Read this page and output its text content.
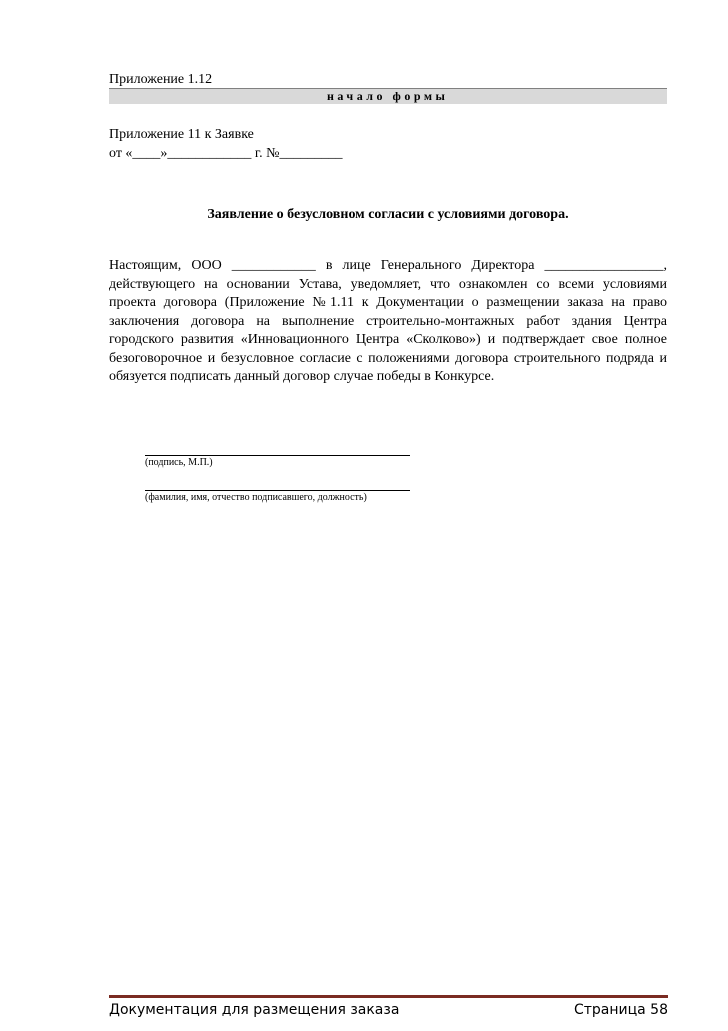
Приложение 1.12
начало формы
Приложение 11 к Заявке
от «____»____________ г. №_________
Заявление о безусловном согласии с условиями договора.
Настоящим, ООО ____________ в лице Генерального Директора _________________, действующего на основании Устава, уведомляет, что ознакомлен со всеми условиями проекта договора (Приложение №1.11 к Документации о размещении заказа на право заключения договора на выполнение строительно-монтажных работ здания Центра городского развития «Инновационного Центра «Сколково») и подтверждает свое полное безоговорочное и безусловное согласие с положениями договора строительного подряда и обязуется подписать данный договор случае победы в Конкурсе.
(подпись, М.П.)
(фамилия, имя, отчество подписавшего, должность)
Документация для размещения заказа	Страница 58
